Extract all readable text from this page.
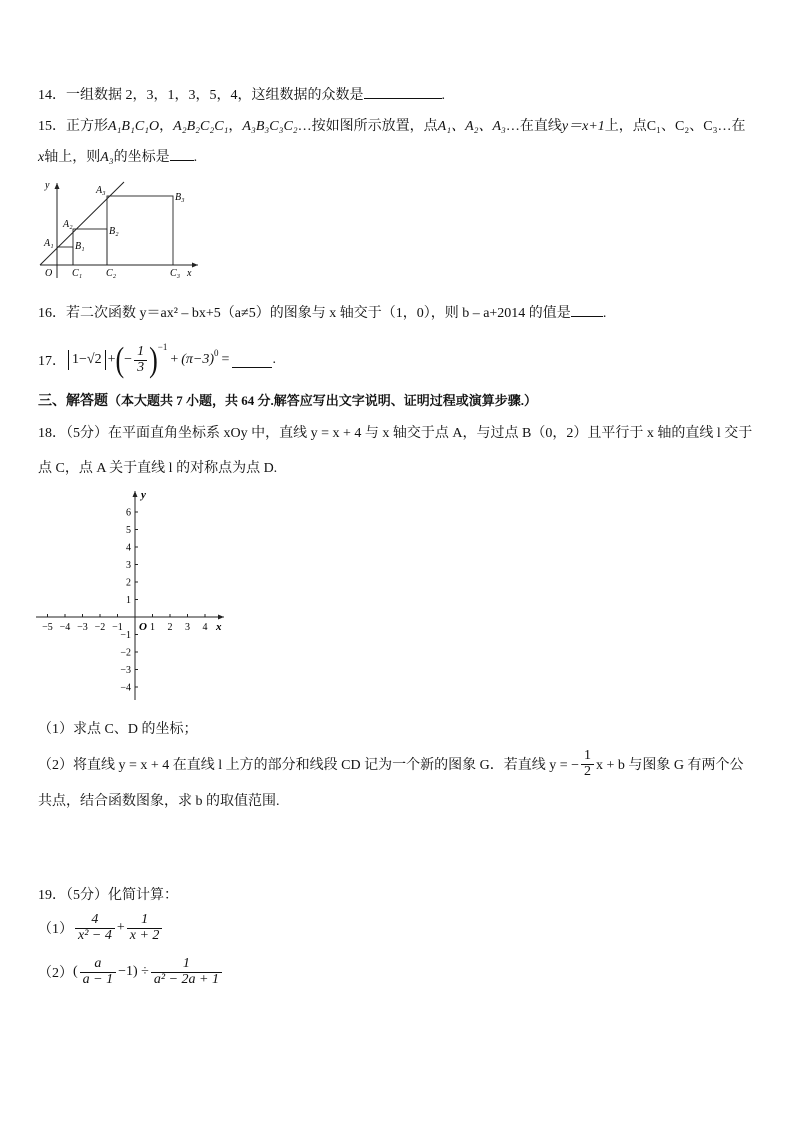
14．一组数据 2，3，1，3，5，4，这组数据的众数是	.
15．正方形A₁B₁C₁O，A₂B₂C₂C₁，A₃B₃C₃C₂…按如图所示放置，点A₁、A₂、A₃…在直线y＝x+1上，点C₁、C₂、C₃…在
x轴上，则A₃的坐标是 .
y
x
O
A₁
A₂
A₃
B₁
B₂
B₃
C₁ C₂	C₃
16．若二次函数 y＝ax² – bx+5（a≠5）的图象与 x 轴交于（1，0），则 b – a+2014 的值是 .
17． 1−√2 + ( − $\frac{1}{3} )^{-1}$
+ $(\pi-3)^0$ =	.
三、解答题（本大题共 7 小题，共 64 分.解答应写出文字说明、证明过程或演算步骤.）
18．（5分）在平面直角坐标系 xOy 中，直线 y = x + 4 与 x 轴交于点 A，与过点 B（0，2）且平行于 x 轴的直线 l 交于
点 C，点 A 关于直线 l 的对称点为点 D.
−5 −4 −3 −2 −1	1 2 3 4
6
5
4
3
2
1
−1
−2
−3
−4
O	x
y
（1）求点 C、D 的坐标；
（2）将直线 y = x + 4 在直线 l 上方的部分和线段 CD 记为一个新的图象 G．若直线 y = − $\frac{1}{2}$ x + b 与图象 G 有两个公
共点，结合函数图象，求 b 的取值范围.
19．（5分）化简计算：
$(1) \frac{4}{\text{x² − 4}} + \frac{1}{x + 2}$
（2） ( $\frac{a}{a - 1} -1) \div \frac{1}{\text{a² − 2a + 1}}$
